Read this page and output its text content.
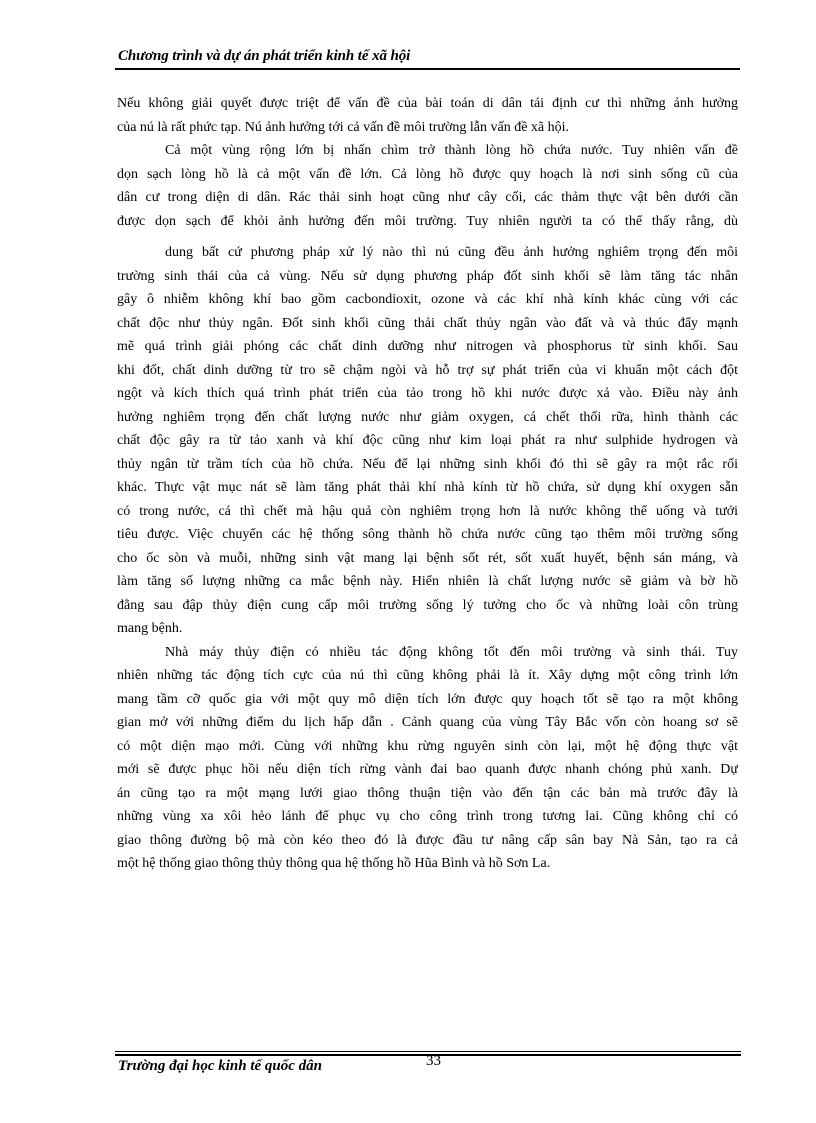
Chương trình và dự án phát triển kinh tế xã hội
Nếu không giải quyết được triệt để vấn đề của bài toán di dân tái định cư thì những ảnh hưởng
của nú là rất phức tạp. Nú ảnh hưởng tới cả vấn đề môi trường lẫn vấn đề xã hội.
Cả một vùng rộng lớn bị nhấn chìm trở thành lòng hồ chứa nước. Tuy nhiên vấn đề
dọn sạch lòng hồ là cả một vấn đề lớn. Cả lòng hồ được quy hoạch là nơi sinh sống cũ của
dân cư trong diện di dân. Rác thải sinh hoạt cũng như cây cối, các thảm thực vật bên dưới cần
được dọn sạch để khỏi ảnh hưởng đến môi trường. Tuy nhiên người ta có thể thấy rằng, dù
dung bất cứ phương pháp xử lý nào thì nú cũng đều ảnh hưởng nghiêm trọng đến môi
trường sinh thái của cả vùng. Nếu sử dụng phương pháp đốt sinh khối sẽ làm tăng tác nhân
gây ô nhiễm không khí bao gồm cacbondioxit, ozone và các khí nhà kính khác cùng với các
chất độc như thủy ngân. Đốt sinh khối cũng thải chất thủy ngân vào đất và và thúc đẩy mạnh
mẽ quá trình giải phóng các chất dinh dưỡng như nitrogen và phosphorus từ sinh khối. Sau
khi đốt, chất dinh dưỡng từ tro sẽ chậm ngòi và hỗ trợ sự phát triển của vi khuẩn một cách đột
ngột và kích thích quá trình phát triển của tảo trong hồ khi nước được xả vào. Điều này ảnh
hưởng nghiêm trọng đến chất lượng nước như giảm oxygen, cá chết thối rữa, hình thành các
chất độc gây ra từ tảo xanh và khí độc cũng như kim loại phát ra như sulphide hydrogen và
thủy ngân từ trầm tích của hồ chứa. Nếu để lại những sinh khối đó thì sẽ gây ra một rắc rối
khác. Thực vật mục nát sẽ làm tăng phát thải khí nhà kính từ hồ chứa, sử dụng khí oxygen sẵn
có trong nước, cá thì chết mà hậu quả còn nghiêm trọng hơn là nước không thể uống và tưới
tiêu được. Việc chuyển các hệ thống sông thành hồ chứa nước cũng tạo thêm môi trường sống
cho ốc sòn và muỗi, những sinh vật mang lại bệnh sốt rét, sốt xuất huyết, bệnh sán máng, và
làm tăng số lượng những ca mắc bệnh này. Hiển nhiên là chất lượng nước sẽ giảm và bờ hồ
đằng sau đập thủy điện cung cấp môi trường sống lý tưởng cho ốc và những loài côn trùng
mang bệnh.
Nhà máy thủy điện có nhiều tác động không tốt đến môi trường và sinh thái. Tuy
nhiên những tác động tích cực của nú thì cũng không phải là ít. Xây dựng một công trình lớn
mang tầm cỡ quốc gia với một quy mô diện tích lớn được quy hoạch tốt sẽ tạo ra một không
gian mở với những điểm du lịch hấp dẫn . Cảnh quang của vùng Tây Bắc vốn còn hoang sơ sẽ
có một diện mạo mới. Cùng với những khu rừng nguyên sinh còn lại, một hệ động thực vật
mới sẽ được phục hồi nếu diện tích rừng vành đai bao quanh được nhanh chóng phủ xanh. Dự
án cũng tạo ra một mạng lưới giao thông thuận tiện vào đến tận các bản mà trước đây là
những vùng xa xôi hẻo lánh để phục vụ cho công trình trong tương lai. Cũng không chỉ có
giao thông đường bộ mà còn kéo theo đó là được đầu tư nâng cấp sân bay Nà Sản, tạo ra cả
một hệ thống giao thông thủy thông qua hệ thống hồ Hũa Bình và hồ Sơn La.
Trường đại học kinh tế quốc dân	33
